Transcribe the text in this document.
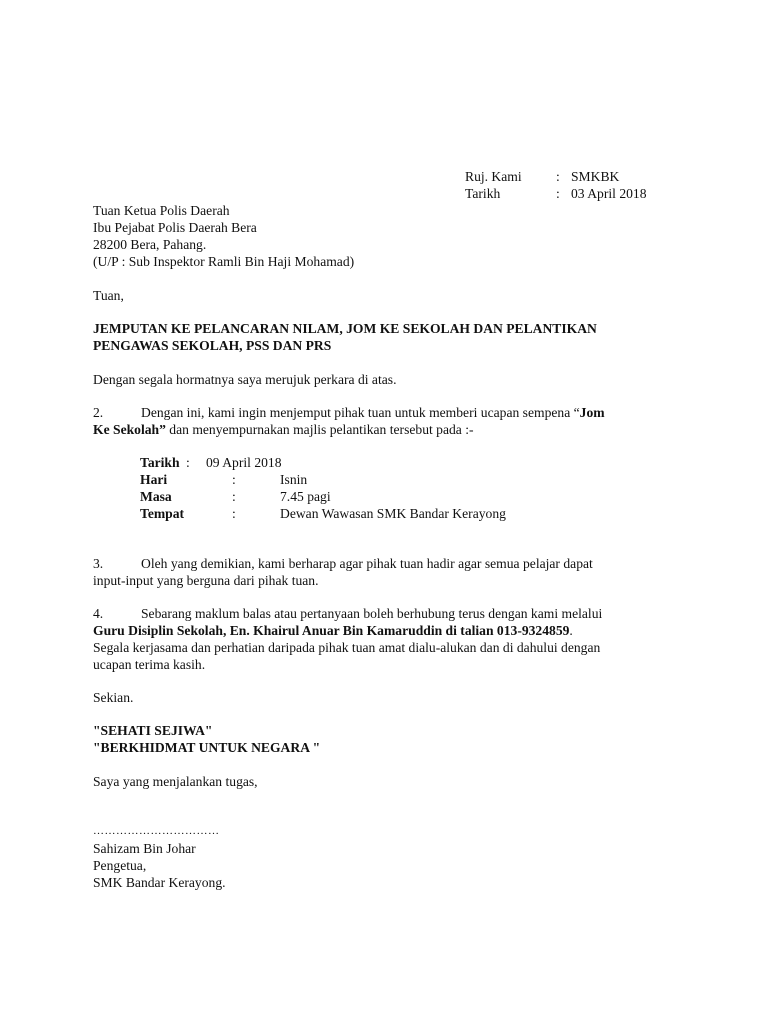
Ruj. Kami	: SMKBK
Tarikh	: 03 April 2018
Tuan Ketua Polis Daerah
Ibu Pejabat Polis Daerah Bera
28200 Bera, Pahang.
(U/P : Sub Inspektor Ramli Bin Haji Mohamad)
Tuan,
JEMPUTAN KE PELANCARAN NILAM, JOM KE SEKOLAH DAN PELANTIKAN
PENGAWAS SEKOLAH, PSS DAN PRS
Dengan segala hormatnya saya merujuk perkara di atas.
2.	Dengan ini, kami ingin menjemput pihak tuan untuk memberi ucapan sempena “Jom
Ke Sekolah” dan menyempurnakan majlis pelantikan tersebut pada :-
Tarikh : 09 April 2018
Hari	:	Isnin
Masa	:	7.45 pagi
Tempat	:	Dewan Wawasan SMK Bandar Kerayong
3.	Oleh yang demikian, kami berharap agar pihak tuan hadir agar semua pelajar dapat
input-input yang berguna dari pihak tuan.
4.	Sebarang maklum balas atau pertanyaan boleh berhubung terus dengan kami melalui
Guru Disiplin Sekolah, En. Khairul Anuar Bin Kamaruddin di talian 013-9324859.
Segala kerjasama dan perhatian daripada pihak tuan amat dialu-alukan dan di dahului dengan
ucapan terima kasih.
Sekian.
"SEHATI SEJIWA"
"BERKHIDMAT UNTUK NEGARA "
Saya yang menjalankan tugas,
……………………………
Sahizam Bin Johar
Pengetua,
SMK Bandar Kerayong.
